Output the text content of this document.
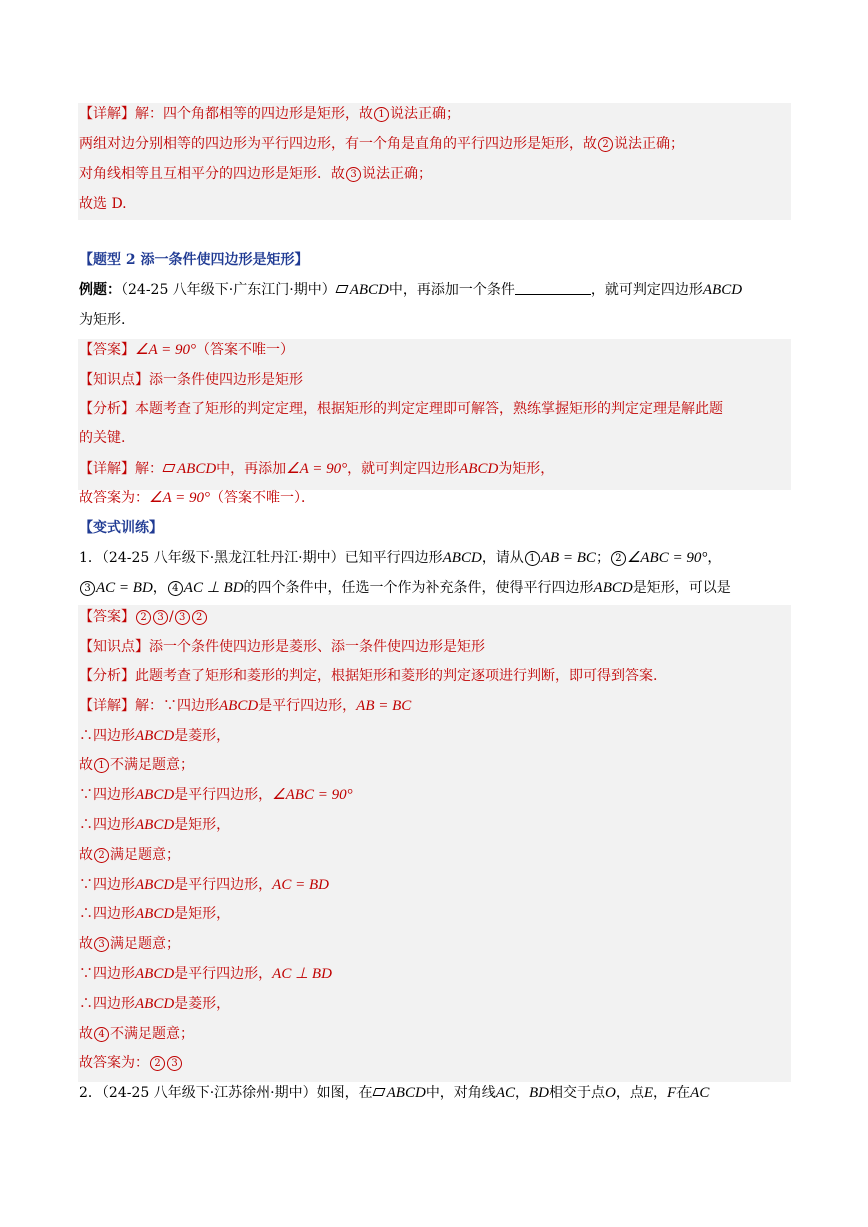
【详解】解：四个角都相等的四边形是矩形，故 1 说法正确；
两组对边分别相等的四边形为平行四边形，有一个角是直角的平行四边形是矩形，故 2 说法正确；
对角线相等且互相平分的四边形是矩形．故 3 说法正确；
故选 D.
【题型 2 添一条件使四边形是矩形】
例题：（24-25 八年级下·广东江门·期中） ABCD中，再添加一个条件	，就可判定四边形ABCD
为矩形.
【答案】∠A = 90°（答案不唯一）
【知识点】添一条件使四边形是矩形
【分析】本题考查了矩形的判定定理，根据矩形的判定定理即可解答，熟练掌握矩形的判定定理是解此题
的关键.
【详解】解： ABCD中，再添加∠A = 90°，就可判定四边形ABCD为矩形，
故答案为：∠A = 90°（答案不唯一）．
【变式训练】
1．（24-25 八年级下·黑龙江牡丹江·期中）已知平行四边形ABCD，请从 1 AB = BC； 2 ∠ABC = 90°，
3 AC = BD， 4 AC ⊥ BD的四个条件中，任选一个作为补充条件，使得平行四边形ABCD是矩形，可以是
【答案】 2 3 / 3 2
【知识点】添一个条件使四边形是菱形、添一条件使四边形是矩形
【分析】此题考查了矩形和菱形的判定，根据矩形和菱形的判定逐项进行判断，即可得到答案.
【详解】解：∵四边形ABCD是平行四边形，AB = BC
∴四边形ABCD是菱形，
故 1 不满足题意；
∵四边形ABCD是平行四边形，∠ABC = 90°
∴四边形ABCD是矩形，
故 2 满足题意；
∵四边形ABCD是平行四边形，AC = BD
∴四边形ABCD是矩形，
故 3 满足题意；
∵四边形ABCD是平行四边形，AC ⊥ BD
∴四边形ABCD是菱形，
故 4 不满足题意；
故答案为： 2 3
2．（24-25 八年级下·江苏徐州·期中）如图，在 ABCD中，对角线AC，BD相交于点O，点E，F在AC
